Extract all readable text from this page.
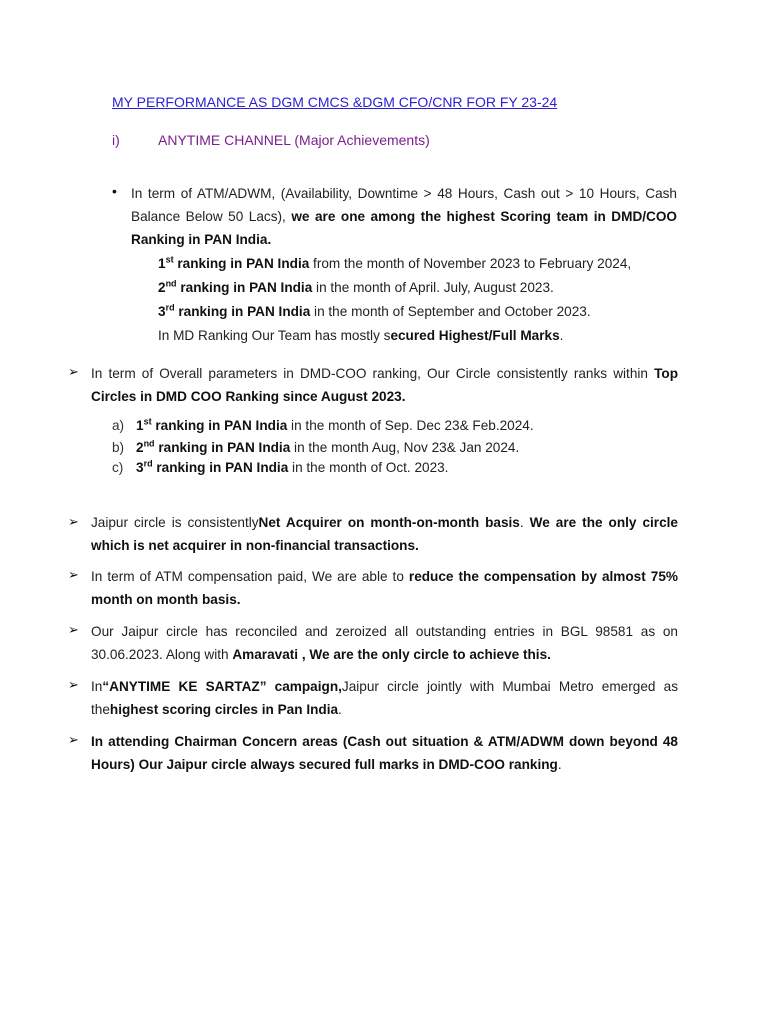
MY PERFORMANCE AS DGM CMCS &DGM CFO/CNR FOR FY 23-24
i)	ANYTIME CHANNEL (Major Achievements)
• In term of ATM/ADWM, (Availability, Downtime > 48 Hours, Cash out > 10 Hours, Cash Balance Below 50 Lacs), we are one among the highest Scoring team in DMD/COO Ranking in PAN India.
1st ranking in PAN India from the month of November 2023 to February 2024,
2nd ranking in PAN India in the month of April. July, August 2023.
3rd ranking in PAN India in the month of September and October 2023.
In MD Ranking Our Team has mostly secured Highest/Full Marks.
➢ In term of Overall parameters in DMD-COO ranking, Our Circle consistently ranks within Top Circles in DMD COO Ranking since August 2023.
a) 1st ranking in PAN India in the month of Sep. Dec 23& Feb.2024.
b) 2nd ranking in PAN India in the month Aug, Nov 23& Jan 2024.
c) 3rd ranking in PAN India in the month of Oct. 2023.
➢ Jaipur circle is consistentlyNet Acquirer on month-on-month basis. We are the only circle which is net acquirer in non-financial transactions.
➢ In term of ATM compensation paid, We are able to reduce the compensation by almost 75% month on month basis.
➢ Our Jaipur circle has reconciled and zeroized all outstanding entries in BGL 98581 as on 30.06.2023. Along with Amaravati , We are the only circle to achieve this.
➢ In“ANYTIME KE SARTAZ” campaign,Jaipur circle jointly with Mumbai Metro emerged as thehighest scoring circles in Pan India.
➢ In attending Chairman Concern areas (Cash out situation & ATM/ADWM down beyond 48 Hours) Our Jaipur circle always secured full marks in DMD-COO ranking.
